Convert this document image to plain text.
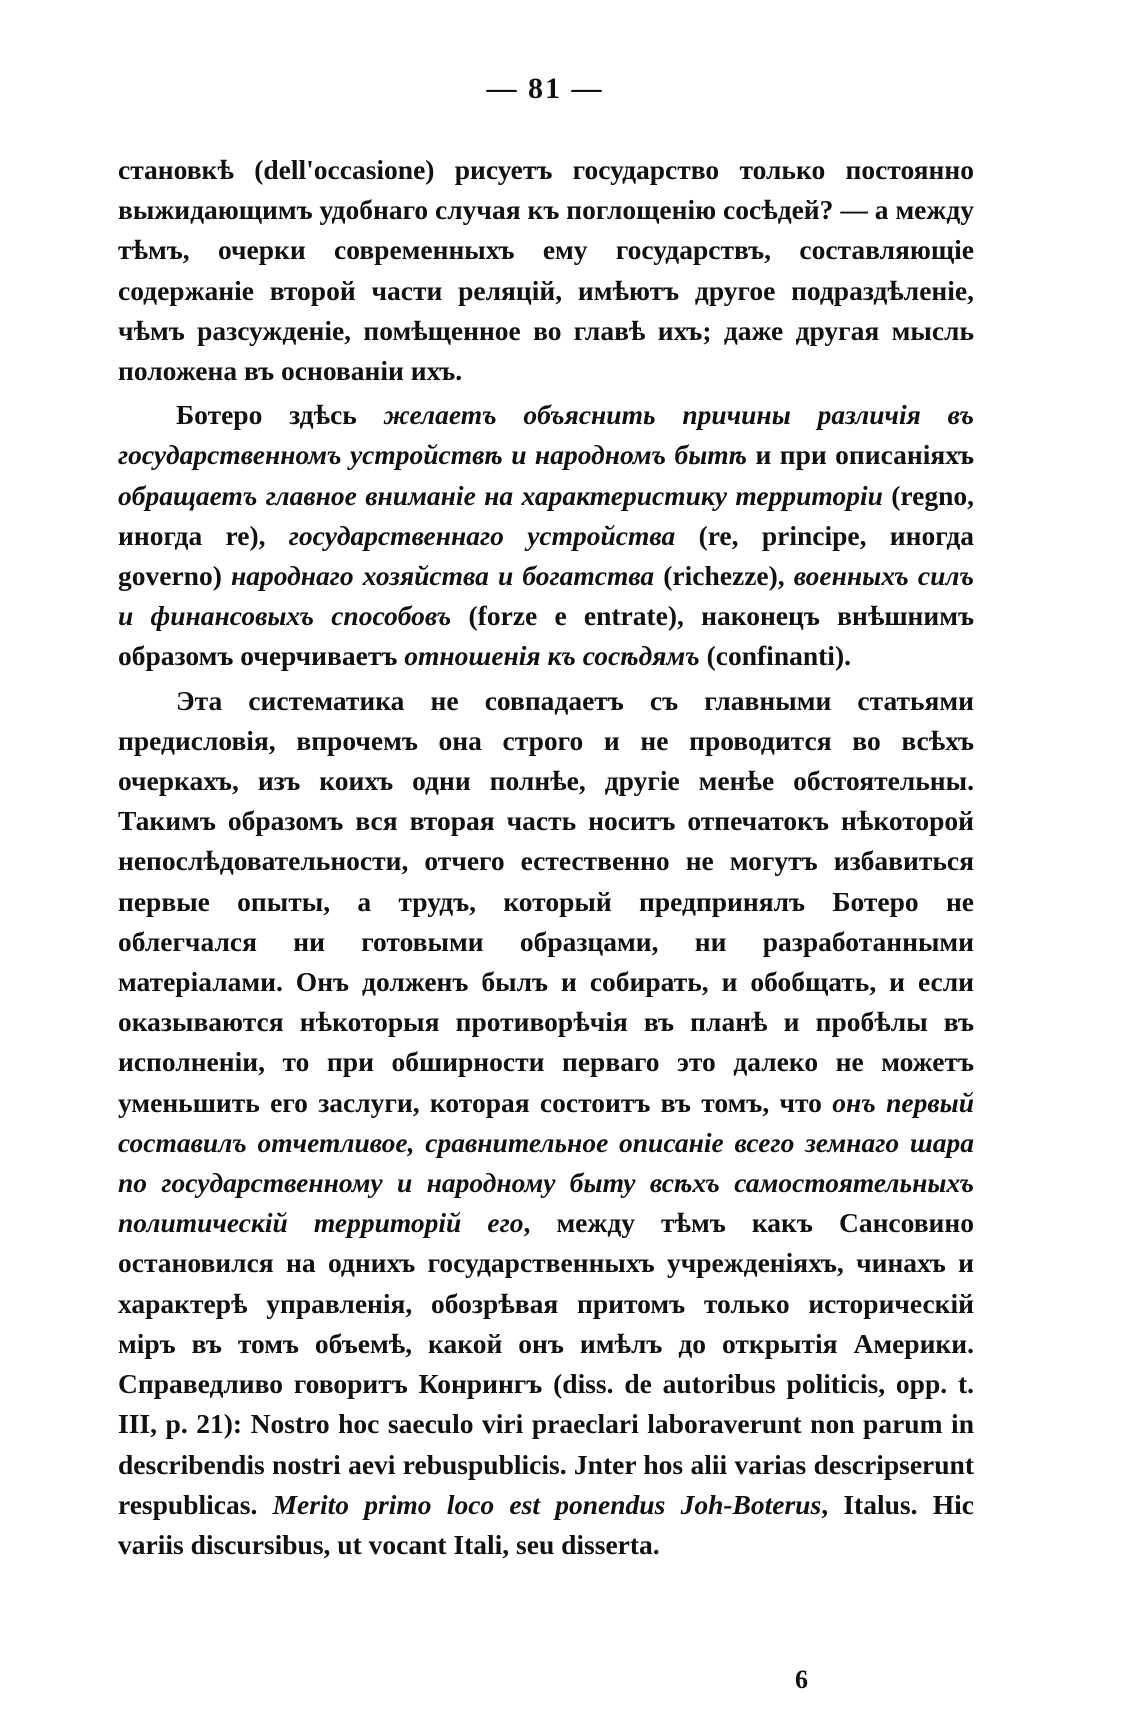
— 81 —

становкѣ (dell'occasione) рисуетъ государство только постоянно выжидающимъ удобнаго случая къ поглощенію сосѣдей? — а между тѣмъ, очерки современныхъ ему государствъ, составляющіе содержаніе второй части реляцій, имѣютъ другое подраздѣленіе, чѣмъ разсужденіе, помѣщенное во главѣ ихъ; даже другая мысль положена въ основаніи ихъ.

Ботеро здѣсь желаетъ объяснить причины различія въ государственномъ устройствѣ и народномъ бытѣ и при описаніяхъ обращаетъ главное вниманіе на характеристику территоріи (regno, иногда re), государственнаго устройства (re, principe, иногда governo) народнаго хозяйства и богатства (richezze), военныхъ силъ и финансовыхъ способовъ (forze e entrate), наконецъ внѣшнимъ образомъ очерчиваетъ отношенія къ сосѣдямъ (confinanti).

Эта систематика не совпадаетъ съ главными статьями предисловія, впрочемъ она строго и не проводится во всѣхъ очеркахъ, изъ коихъ одни полнѣе, другіе менѣе обстоятельны. Такимъ образомъ вся вторая часть носитъ отпечатокъ нѣкоторой непослѣдовательности, отчего естественно не могутъ избавиться первые опыты, а трудъ, который предпринялъ Ботеро не облегчался ни готовыми образцами, ни разработанными матеріалами. Онъ долженъ былъ и собирать, и обобщать, и если оказываются нѣкоторыя противорѣчія въ планѣ и пробѣлы въ исполненіи, то при обширности перваго это далеко не можетъ уменьшить его заслуги, которая состоитъ въ томъ, что онъ первый составилъ отчетливое, сравнительное описаніе всего земнаго шара по государственному и народному быту всѣхъ самостоятельныхъ политическій территорій его, между тѣмъ какъ Сансовино остановился на однихъ государственныхъ учрежденіяхъ, чинахъ и характерѣ управленія, обозрѣвая притомъ только историческій міръ въ томъ объемѣ, какой онъ имѣлъ до открытія Америки. Справедливо говоритъ Конрингъ (diss. de autoribus politicis, opp. t. III, p. 21): Nostro hoc saeculo viri praeclari laboraverunt non parum in describendis nostri aevi rebuspublicis. Jnter hos alii varias descripserunt respublicas. Merito primo loco est ponendus Joh-Boterus, Italus. Hic variis discursibus, ut vocant Itali, seu disserta.

6
